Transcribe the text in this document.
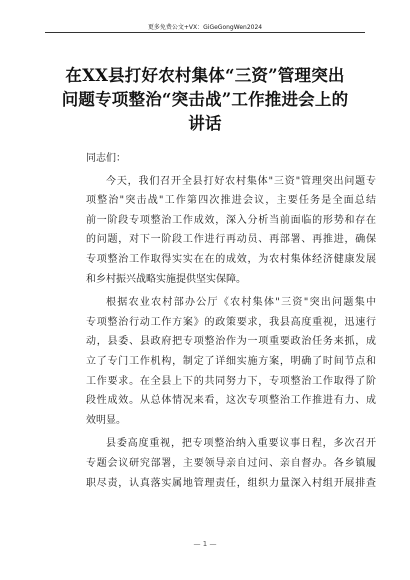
更多免费公文+VX：GiGeGongWen2024
在XX县打好农村集体“三资”管理突出
问题专项整治“突击战”工作推进会上的
讲话
同志们：
今天，我们召开全县打好农村集体"三资"管理突出问题专
项整治"突击战"工作第四次推进会议，主要任务是全面总结
前一阶段专项整治工作成效，深入分析当前面临的形势和存在
的问题，对下一阶段工作进行再动员、再部署、再推进，确保
专项整治工作取得实实在在的成效，为农村集体经济健康发展
和乡村振兴战略实施提供坚实保障。
根据农业农村部办公厅《农村集体"三资"突出问题集中
专项整治行动工作方案》的政策要求，我县高度重视，迅速行
动，县委、县政府把专项整治作为一项重要政治任务来抓，成
立了专门工作机构，制定了详细实施方案，明确了时间节点和
工作要求。在全县上下的共同努力下，专项整治工作取得了阶
段性成效。从总体情况来看，这次专项整治工作推进有力、成
效明显。
县委高度重视，把专项整治纳入重要议事日程，多次召开
专题会议研究部署，主要领导亲自过问、亲自督办。各乡镇履
职尽责，认真落实属地管理责任，组织力量深入村组开展排查
— 1 —
